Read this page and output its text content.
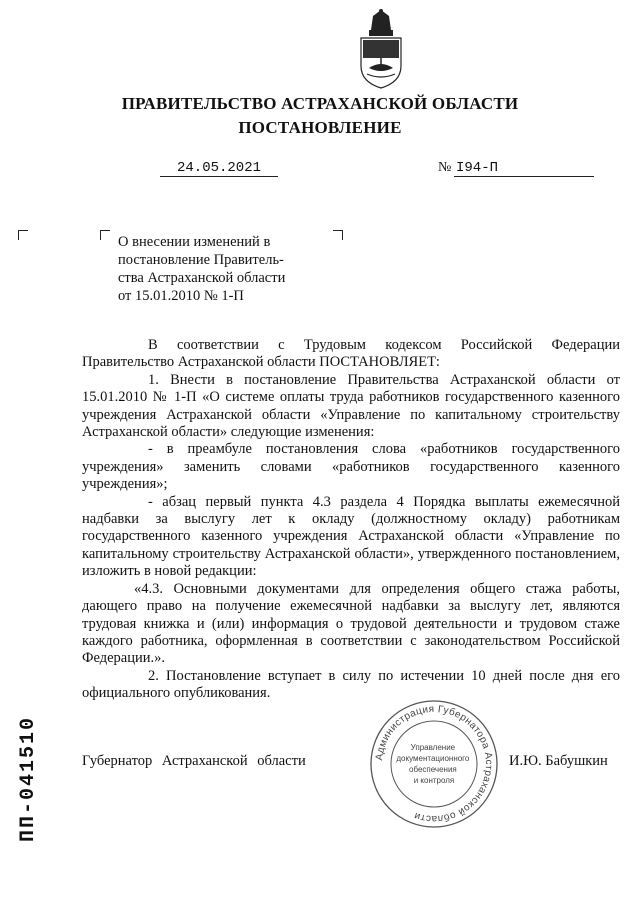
ПРАВИТЕЛЬСТВО АСТРАХАНСКОЙ ОБЛАСТИ
ПОСТАНОВЛЕНИЕ
24.05.2021	№ I94-П
О внесении изменений в
постановление Правитель-
ства Астраханской области
от 15.01.2010 № 1-П

В соответствии с Трудовым кодексом Российской Федерации Правительство Астраханской области ПОСТАНОВЛЯЕТ:

1. Внести в постановление Правительства Астраханской области от 15.01.2010 № 1-П «О системе оплаты труда работников государственного казенного учреждения Астраханской области «Управление по капитальному строительству Астраханской области» следующие изменения:

- в преамбуле постановления слова «работников государственного учреждения» заменить словами «работников государственного казенного учреждения»;

- абзац первый пункта 4.3 раздела 4 Порядка выплаты ежемесячной надбавки за выслугу лет к окладу (должностному окладу) работникам государственного казенного учреждения Астраханской области «Управление по капитальному строительству Астраханской области», утвержденного постановлением, изложить в новой редакции:

«4.3. Основными документами для определения общего стажа работы, дающего право на получение ежемесячной надбавки за выслугу лет, являются трудовая книжка и (или) информация о трудовой деятельности и трудовом стаже каждого работника, оформленная в соответствии с законодательством Российской Федерации.».

2. Постановление вступает в силу по истечении 10 дней после дня его официального опубликования.

Администрация Губернатора Астраханской области
Управление документационного обеспечения и контроля
Губернатор Астраханской области	И.Ю. Бабушкин
ПП-041510
